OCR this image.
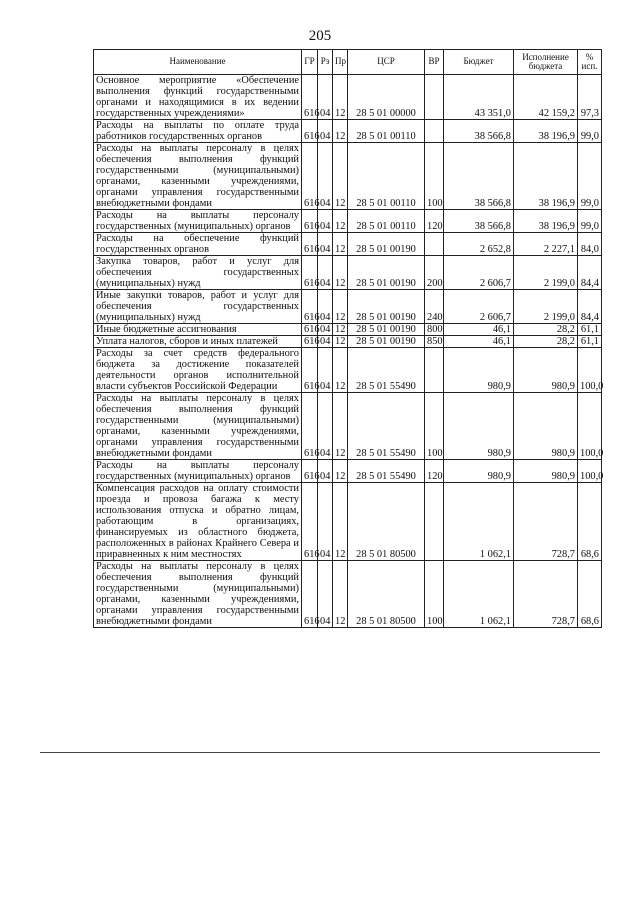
205
Наименование	ГР	Рз	Пр	ЦСР	ВР	Бюджет	Исполнение бюджета	% исп.
Основное мероприятие «Обеспечение выполнения функций государственными органами и находящимися в их ведении государственных учреждениями»	616	04	12	28 5 01 00000		43 351,0	42 159,2	97,3
Расходы на выплаты по оплате труда работников государственных органов	616	04	12	28 5 01 00110		38 566,8	38 196,9	99,0
Расходы на выплаты персоналу в целях обеспечения выполнения функций государственными (муниципальными) органами, казенными учреждениями, органами управления государственными внебюджетными фондами	616	04	12	28 5 01 00110	100	38 566,8	38 196,9	99,0
Расходы на выплаты персоналу государственных (муниципальных) органов	616	04	12	28 5 01 00110	120	38 566,8	38 196,9	99,0
Расходы на обеспечение функций государственных органов	616	04	12	28 5 01 00190		2 652,8	2 227,1	84,0
Закупка товаров, работ и услуг для обеспечения государственных (муниципальных) нужд	616	04	12	28 5 01 00190	200	2 606,7	2 199,0	84,4
Иные закупки товаров, работ и услуг для обеспечения государственных (муниципальных) нужд	616	04	12	28 5 01 00190	240	2 606,7	2 199,0	84,4
Иные бюджетные ассигнования	616	04	12	28 5 01 00190	800	46,1	28,2	61,1
Уплата налогов, сборов и иных платежей	616	04	12	28 5 01 00190	850	46,1	28,2	61,1
Расходы за счет средств федерального бюджета за достижение показателей деятельности органов исполнительной власти субъектов Российской Федерации	616	04	12	28 5 01 55490		980,9	980,9	100,0
Расходы на выплаты персоналу в целях обеспечения выполнения функций государственными (муниципальными) органами, казенными учреждениями, органами управления государственными внебюджетными фондами	616	04	12	28 5 01 55490	100	980,9	980,9	100,0
Расходы на выплаты персоналу государственных (муниципальных) органов	616	04	12	28 5 01 55490	120	980,9	980,9	100,0
Компенсация расходов на оплату стоимости проезда и провоза багажа к месту использования отпуска и обратно лицам, работающим в организациях, финансируемых из областного бюджета, расположенных в районах Крайнего Севера и приравненных к ним местностях	616	04	12	28 5 01 80500		1 062,1	728,7	68,6
Расходы на выплаты персоналу в целях обеспечения выполнения функций государственными (муниципальными) органами, казенными учреждениями, органами управления государственными внебюджетными фондами	616	04	12	28 5 01 80500	100	1 062,1	728,7	68,6
